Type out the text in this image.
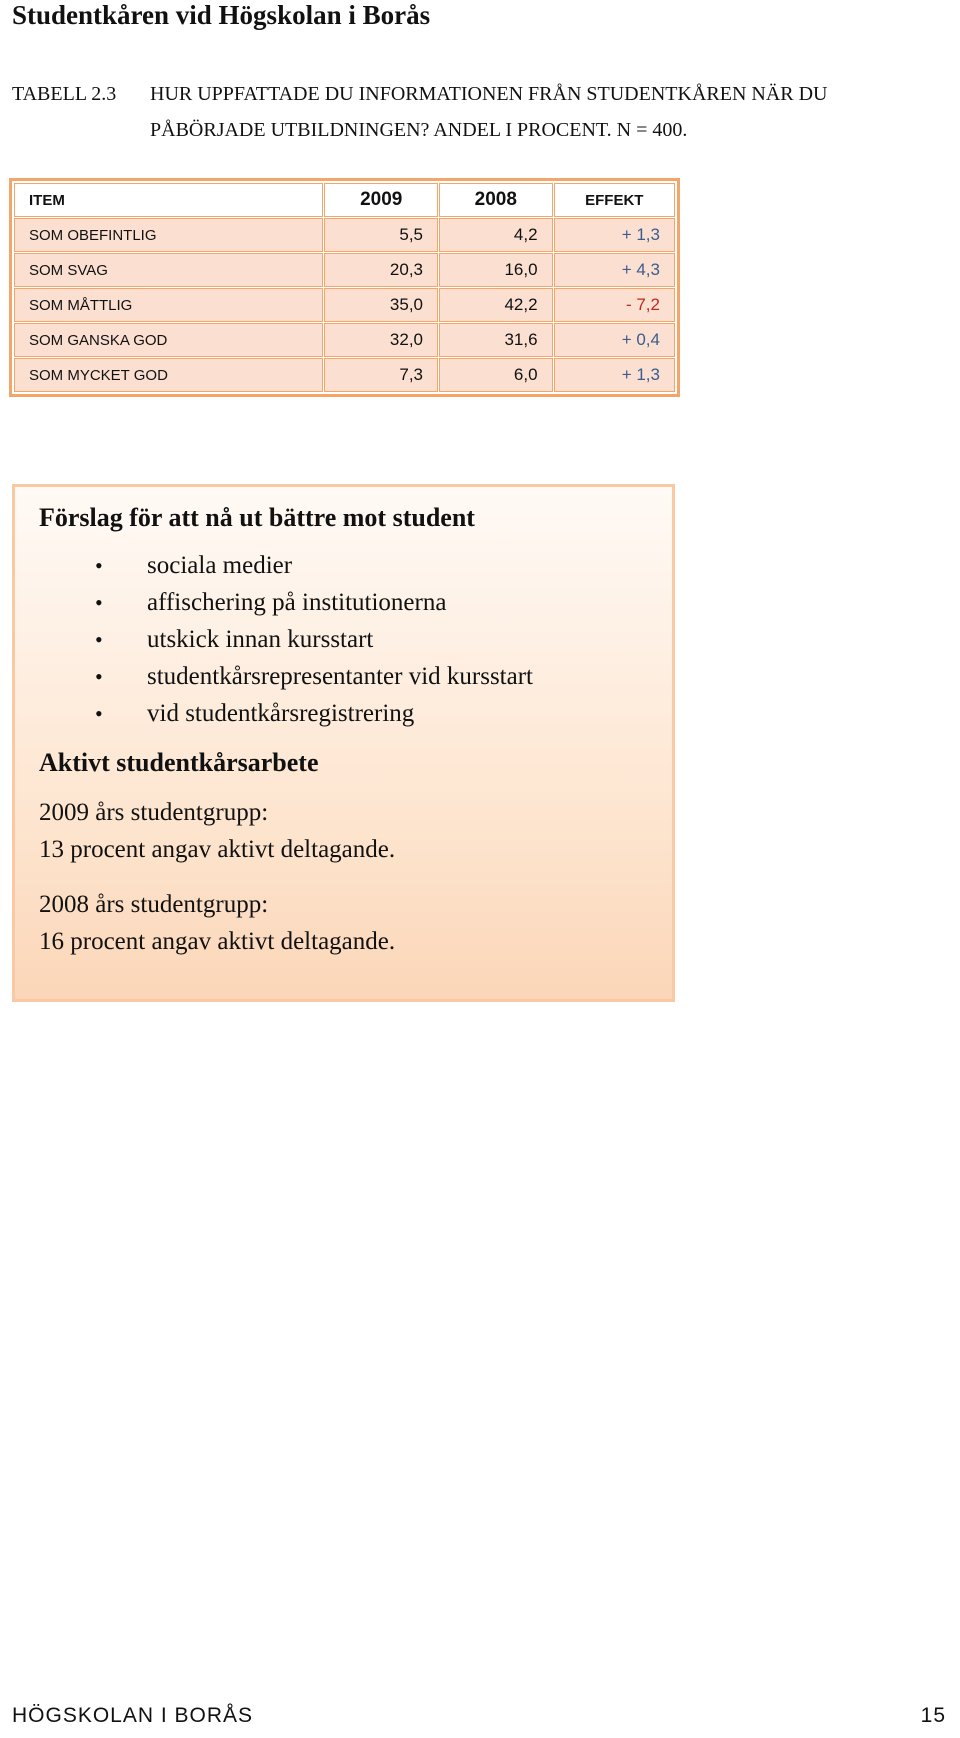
Studentkåren vid Högskolan i Borås
TABELL 2.3 HUR UPPFATTADE DU INFORMATIONEN FRÅN STUDENTKÅREN NÄR DU
PÅBÖRJADE UTBILDNINGEN? ANDEL I PROCENT. N = 400.
ITEM	2009	2008	EFFEKT
SOM OBEFINTLIG	5,5	4,2	+ 1,3
SOM SVAG	20,3	16,0	+ 4,3
SOM MÅTTLIG	35,0	42,2	- 7,2
SOM GANSKA GOD	32,0	31,6	+ 0,4
SOM MYCKET GOD	7,3	6,0	+ 1,3
Förslag för att nå ut bättre mot student
• sociala medier
• affischering på institutionerna
• utskick innan kursstart
• studentkårsrepresentanter vid kursstart
• vid studentkårsregistrering
Aktivt studentkårsarbete

2009 års studentgrupp:
13 procent angav aktivt deltagande.

2008 års studentgrupp:
16 procent angav aktivt deltagande.

HÖGSKOLAN I BORÅS	15
